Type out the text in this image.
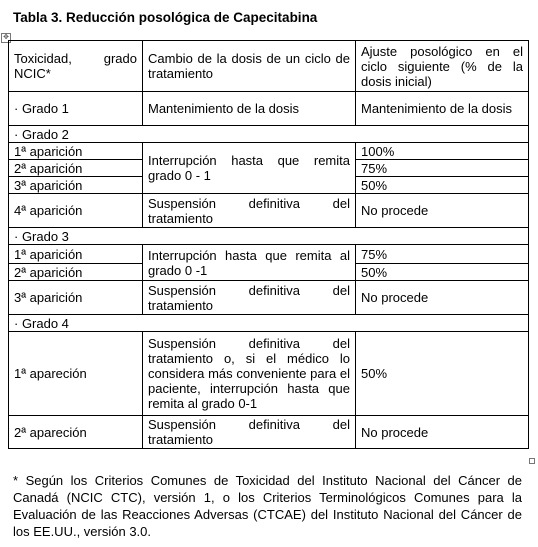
Tabla 3. Reducción posológica de Capecitabina
✥
Toxicidad, grado NCIC*	Cambio de la dosis de un ciclo de tratamiento	Ajuste posológico en el ciclo siguiente (% de la dosis inicial)
· Grado 1	Mantenimiento de la dosis	Mantenimiento de la dosis
· Grado 2		
1ª aparición	Interrupción hasta que remita grado 0 - 1	100%
2ª aparición		75%
3ª aparición		50%
4ª aparición	Suspensión definitiva del tratamiento	No procede
· Grado 3		
1ª aparición	Interrupción hasta que remita al grado 0 -1	75%
2ª aparición		50%
3ª aparición	Suspensión definitiva del tratamiento	No procede
· Grado 4		
1ª apareción	Suspensión definitiva del tratamiento o, si el médico lo considera más conveniente para el paciente, interrupción hasta que remita al grado 0-1	50%
2ª apareción	Suspensión definitiva del tratamiento	No procede
* Según los Criterios Comunes de Toxicidad del Instituto Nacional del Cáncer de Canadá (NCIC CTC), versión 1, o los Criterios Terminológicos Comunes para la Evaluación de las Reacciones Adversas (CTCAE) del Instituto Nacional del Cáncer de los EE.UU., versión 3.0.
